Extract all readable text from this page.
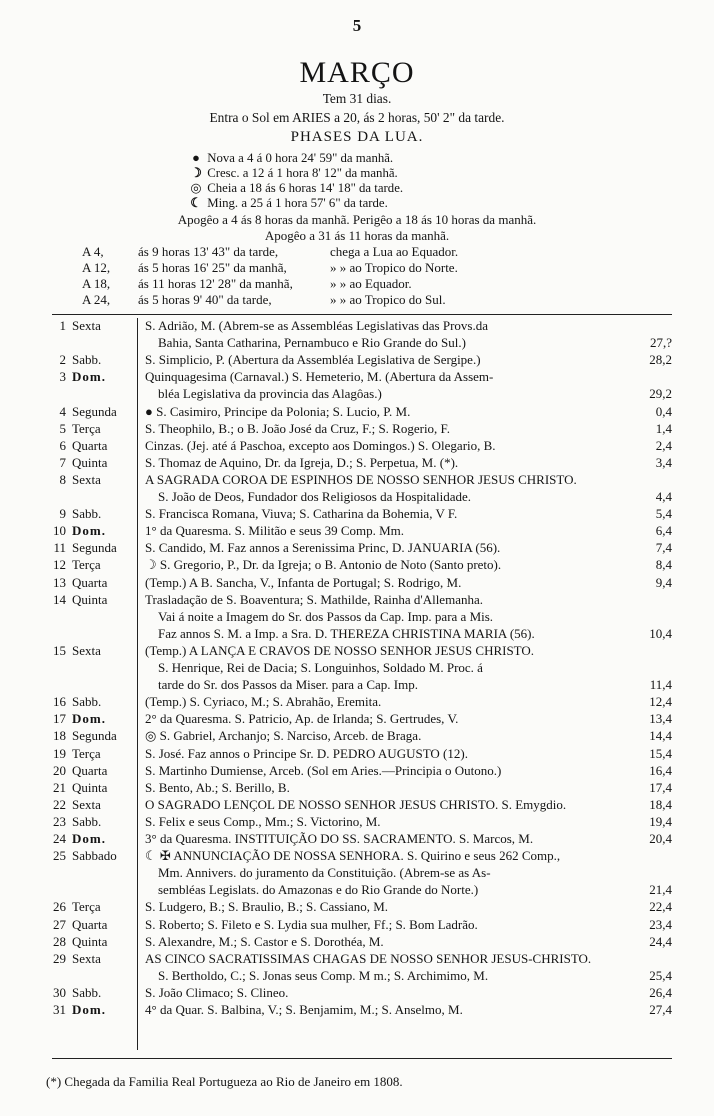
5
MARÇO
Tem 31 dias.
Entra o Sol em ARIES a 20, ás 2 horas, 50' 2" da tarde.
PHASES DA LUA.
● Nova a 4 á 0 hora 24' 59" da manhã.
☽ Cresc. a 12 á 1 hora 8' 12" da manhã.
◎ Cheia a 18 ás 6 horas 14' 18" da tarde.
☾ Ming. a 25 á 1 hora 57' 6" da tarde.
Apogêo a 4 ás 8 horas da manhã. Perigêo a 18 ás 10 horas da manhã.
Apogêo a 31 ás 11 horas da manhã.
A 4,	ás 9 horas 13' 43" da tarde,	chega a Lua ao Equador.
A 12, ás 5 horas 16' 25" da manhã,	» » ao Tropico do Norte.
A 18, ás 11 horas 12' 28" da manhã,	» » ao Equador.
A 24, ás 5 horas 9' 40" da tarde,	» » ao Tropico do Sul.
1 Sexta	S. Adrião, M. (Abrem-se as Assembléas Legislativas das Provs.da
Bahia, Santa Catharina, Pernambuco e Rio Grande do Sul.)	27,?
2 Sabb.	S. Simplicio, P. (Abertura da Assembléa Legislativa de Sergipe.)	28,2
3 Dom.	Quinquagesima (Carnaval.) S. Hemeterio, M. (Abertura da Assem-
bléa Legislativa da provincia das Alagôas.)	29,2
4 Segunda	● S. Casimiro, Principe da Polonia; S. Lucio, P. M.	0,4
5 Terça	S. Theophilo, B.; o B. João José da Cruz, F.; S. Rogerio, F.	1,4
6 Quarta	Cinzas. (Jej. até á Paschoa, excepto aos Domingos.) S. Olegario, B.	2,4
7 Quinta	S. Thomaz de Aquino, Dr. da Igreja, D.; S. Perpetua, M. (*).	3,4
8 Sexta	A SAGRADA COROA DE ESPINHOS DE NOSSO SENHOR JESUS CHRISTO.
S. João de Deos, Fundador dos Religiosos da Hospitalidade.	4,4
9 Sabb.	S. Francisca Romana, Viuva; S. Catharina da Bohemia, V F.	5,4
10 Dom.	1° da Quaresma. S. Militão e seus 39 Comp. Mm.	6,4
11 Segunda	S. Candido, M. Faz annos a Serenissima Princ, D. JANUARIA (56).	7,4
12 Terça	☽ S. Gregorio, P., Dr. da Igreja; o B. Antonio de Noto (Santo preto).	8,4
13 Quarta	(Temp.) A B. Sancha, V., Infanta de Portugal; S. Rodrigo, M.	9,4
14 Quinta	Trasladação de S. Boaventura; S. Mathilde, Rainha d'Allemanha.
Vai á noite a Imagem do Sr. dos Passos da Cap. Imp. para a Mis.
Faz annos S. M. a Imp. a Sra. D. THEREZA CHRISTINA MARIA (56).	10,4
15 Sexta	(Temp.) A LANÇA E CRAVOS DE NOSSO SENHOR JESUS CHRISTO.
S. Henrique, Rei de Dacia; S. Longuinhos, Soldado M. Proc. á
tarde do Sr. dos Passos da Miser. para a Cap. Imp.	11,4
16 Sabb.	(Temp.) S. Cyriaco, M.; S. Abrahão, Eremita.	12,4
17 Dom.	2° da Quaresma. S. Patricio, Ap. de Irlanda; S. Gertrudes, V.	13,4
18 Segunda	◎ S. Gabriel, Archanjo; S. Narciso, Arceb. de Braga.	14,4
19 Terça	S. José. Faz annos o Principe Sr. D. PEDRO AUGUSTO (12).	15,4
20 Quarta	S. Martinho Dumiense, Arceb. (Sol em Aries.—Principia o Outono.)	16,4
21 Quinta	S. Bento, Ab.; S. Berillo, B.	17,4
22 Sexta	O SAGRADO LENÇOL DE NOSSO SENHOR JESUS CHRISTO. S. Emygdio.	18,4
23 Sabb.	S. Felix e seus Comp., Mm.; S. Victorino, M.	19,4
24 Dom.	3° da Quaresma. INSTITUIÇÃO DO SS. SACRAMENTO. S. Marcos, M.	20,4
25 Sabbado	☾ ✠ ANNUNCIAÇÃO DE NOSSA SENHORA. S. Quirino e seus 262 Comp.,
Mm. Annivers. do juramento da Constituição. (Abrem-se as As-
sembléas Legislats. do Amazonas e do Rio Grande do Norte.)	21,4
26 Terça	S. Ludgero, B.; S. Braulio, B.; S. Cassiano, M.	22,4
27 Quarta	S. Roberto; S. Fileto e S. Lydia sua mulher, Ff.; S. Bom Ladrão.	23,4
28 Quinta	S. Alexandre, M.; S. Castor e S. Dorothéa, M.	24,4
29 Sexta	AS CINCO SACRATISSIMAS CHAGAS DE NOSSO SENHOR JESUS-CHRISTO.
S. Bertholdo, C.; S. Jonas seus Comp. M m.; S. Archimimo, M.	25,4
30 Sabb.	S. João Climaco; S. Clineo.	26,4
31 Dom.	4° da Quar. S. Balbina, V.; S. Benjamim, M.; S. Anselmo, M.	27,4
(*) Chegada da Familia Real Portugueza ao Rio de Janeiro em 1808.
